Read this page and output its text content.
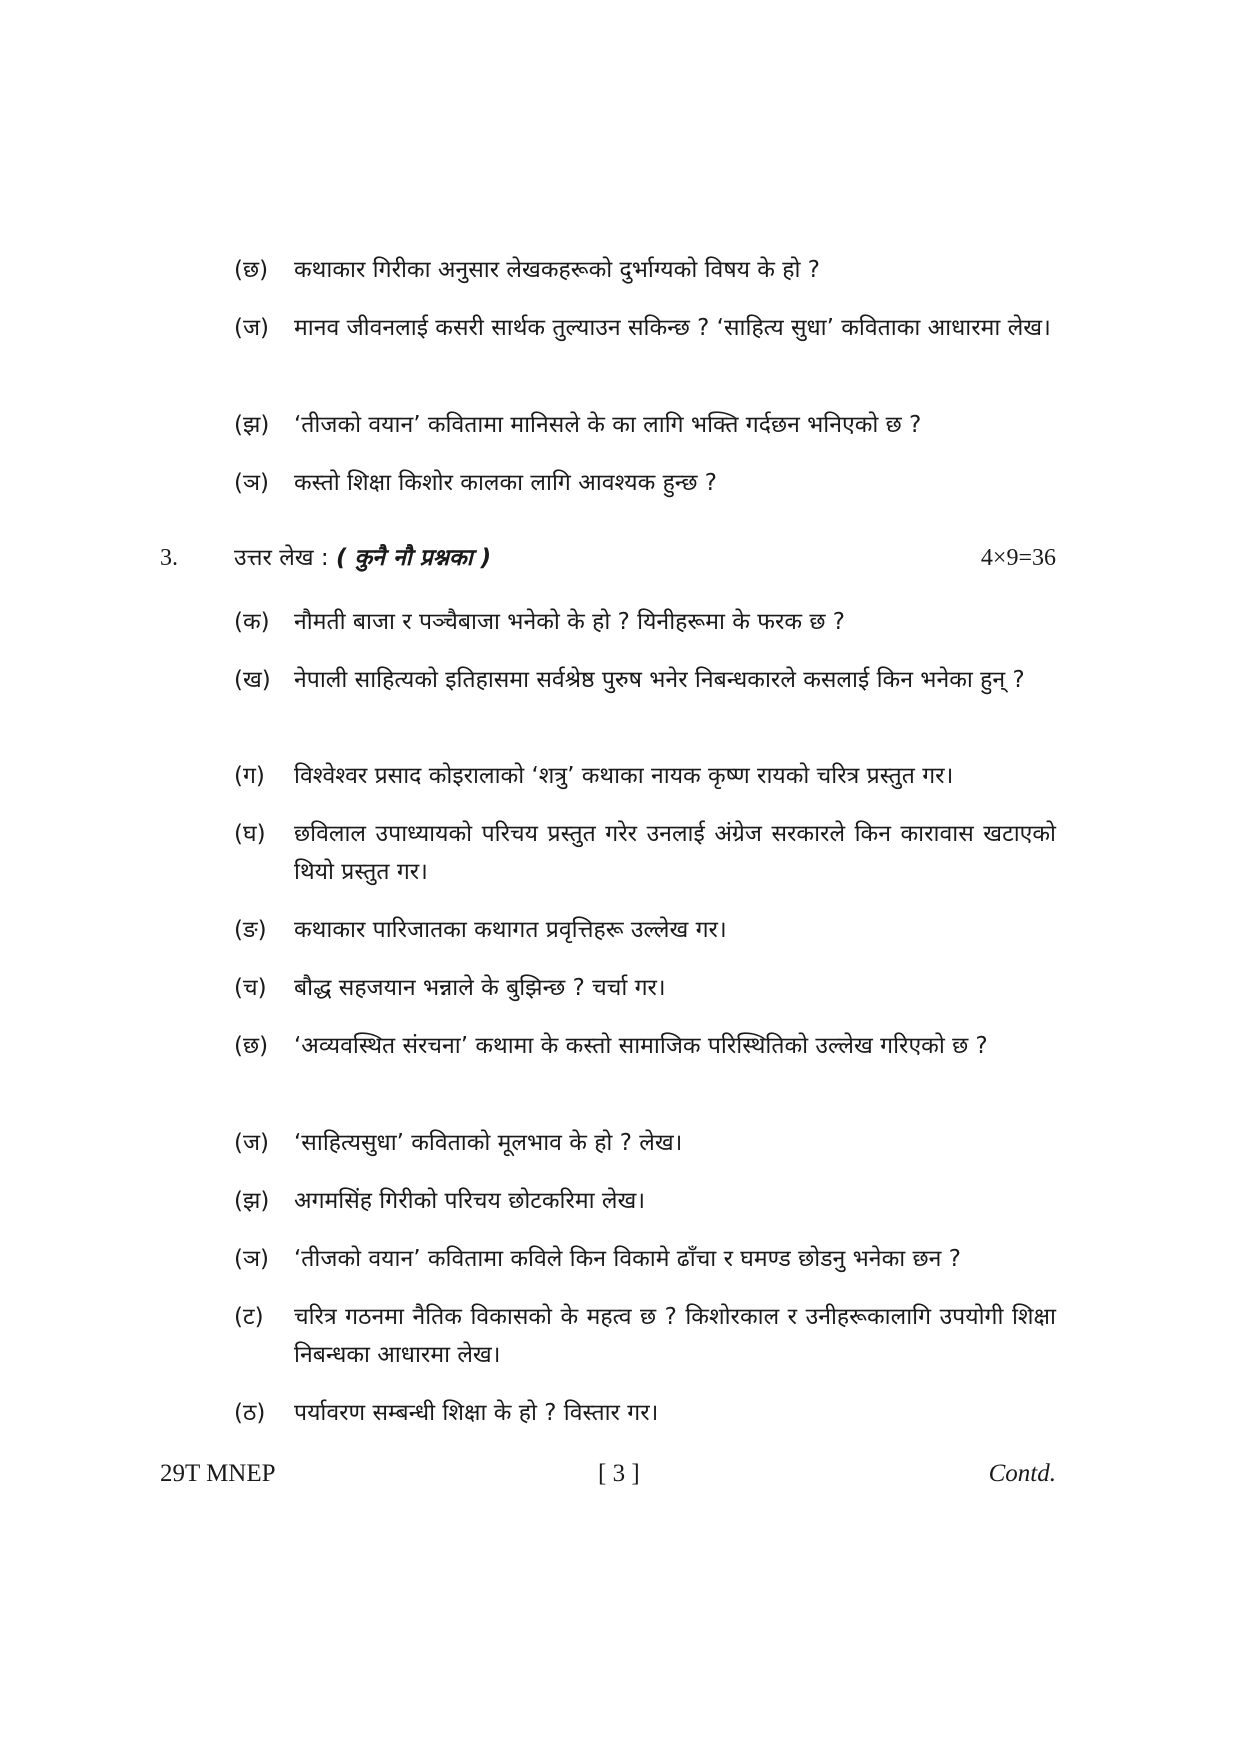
(छ)	कथाकार गिरीका अनुसार लेखकहरूको दुर्भाग्यको विषय के हो ?
(ज)	मानव जीवनलाई कसरी सार्थक तुल्याउन सकिन्छ ? ‘साहित्य सुधा’ कविताका आधारमा लेख।
(झ)	‘तीजको वयान’ कवितामा मानिसले के का लागि भक्ति गर्दछन भनिएको छ ?
(ञ)	कस्तो शिक्षा किशोर कालका लागि आवश्यक हुन्छ ?
3. उत्तर लेख : ( कुनै नौ प्रश्नका )	4×9=36
(क)	नौमती बाजा र पञ्चैबाजा भनेको के हो ? यिनीहरूमा के फरक छ ?
(ख)	नेपाली साहित्यको इतिहासमा सर्वश्रेष्ठ पुरुष भनेर निबन्धकारले कसलाई किन भनेका हुन् ?
(ग)	विश्वेश्वर प्रसाद कोइरालाको ‘शत्रु’ कथाका नायक कृष्ण रायको चरित्र प्रस्तुत गर।
(घ)	छविलाल उपाध्यायको परिचय प्रस्तुत गरेर उनलाई अंग्रेज सरकारले किन कारावास खटाएको थियो प्रस्तुत गर।
(ङ)	कथाकार पारिजातका कथागत प्रवृत्तिहरू उल्लेख गर।
(च)	बौद्ध सहजयान भन्नाले के बुझिन्छ ? चर्चा गर।
(छ)	‘अव्यवस्थित संरचना’ कथामा के कस्तो सामाजिक परिस्थितिको उल्लेख गरिएको छ ?
(ज)	‘साहित्यसुधा’ कविताको मूलभाव के हो ? लेख।
(झ)	अगमसिंह गिरीको परिचय छोटकरिमा लेख।
(ञ)	‘तीजको वयान’ कवितामा कविले किन विकामे ढाँचा र घमण्ड छोडनु भनेका छन ?
(ट)	चरित्र गठनमा नैतिक विकासको के महत्व छ ? किशोरकाल र उनीहरूकालागि उपयोगी शिक्षा निबन्धका आधारमा लेख।
(ठ)	पर्यावरण सम्बन्धी शिक्षा के हो ? विस्तार गर।
29T MNEP	[ 3 ]	Contd.
